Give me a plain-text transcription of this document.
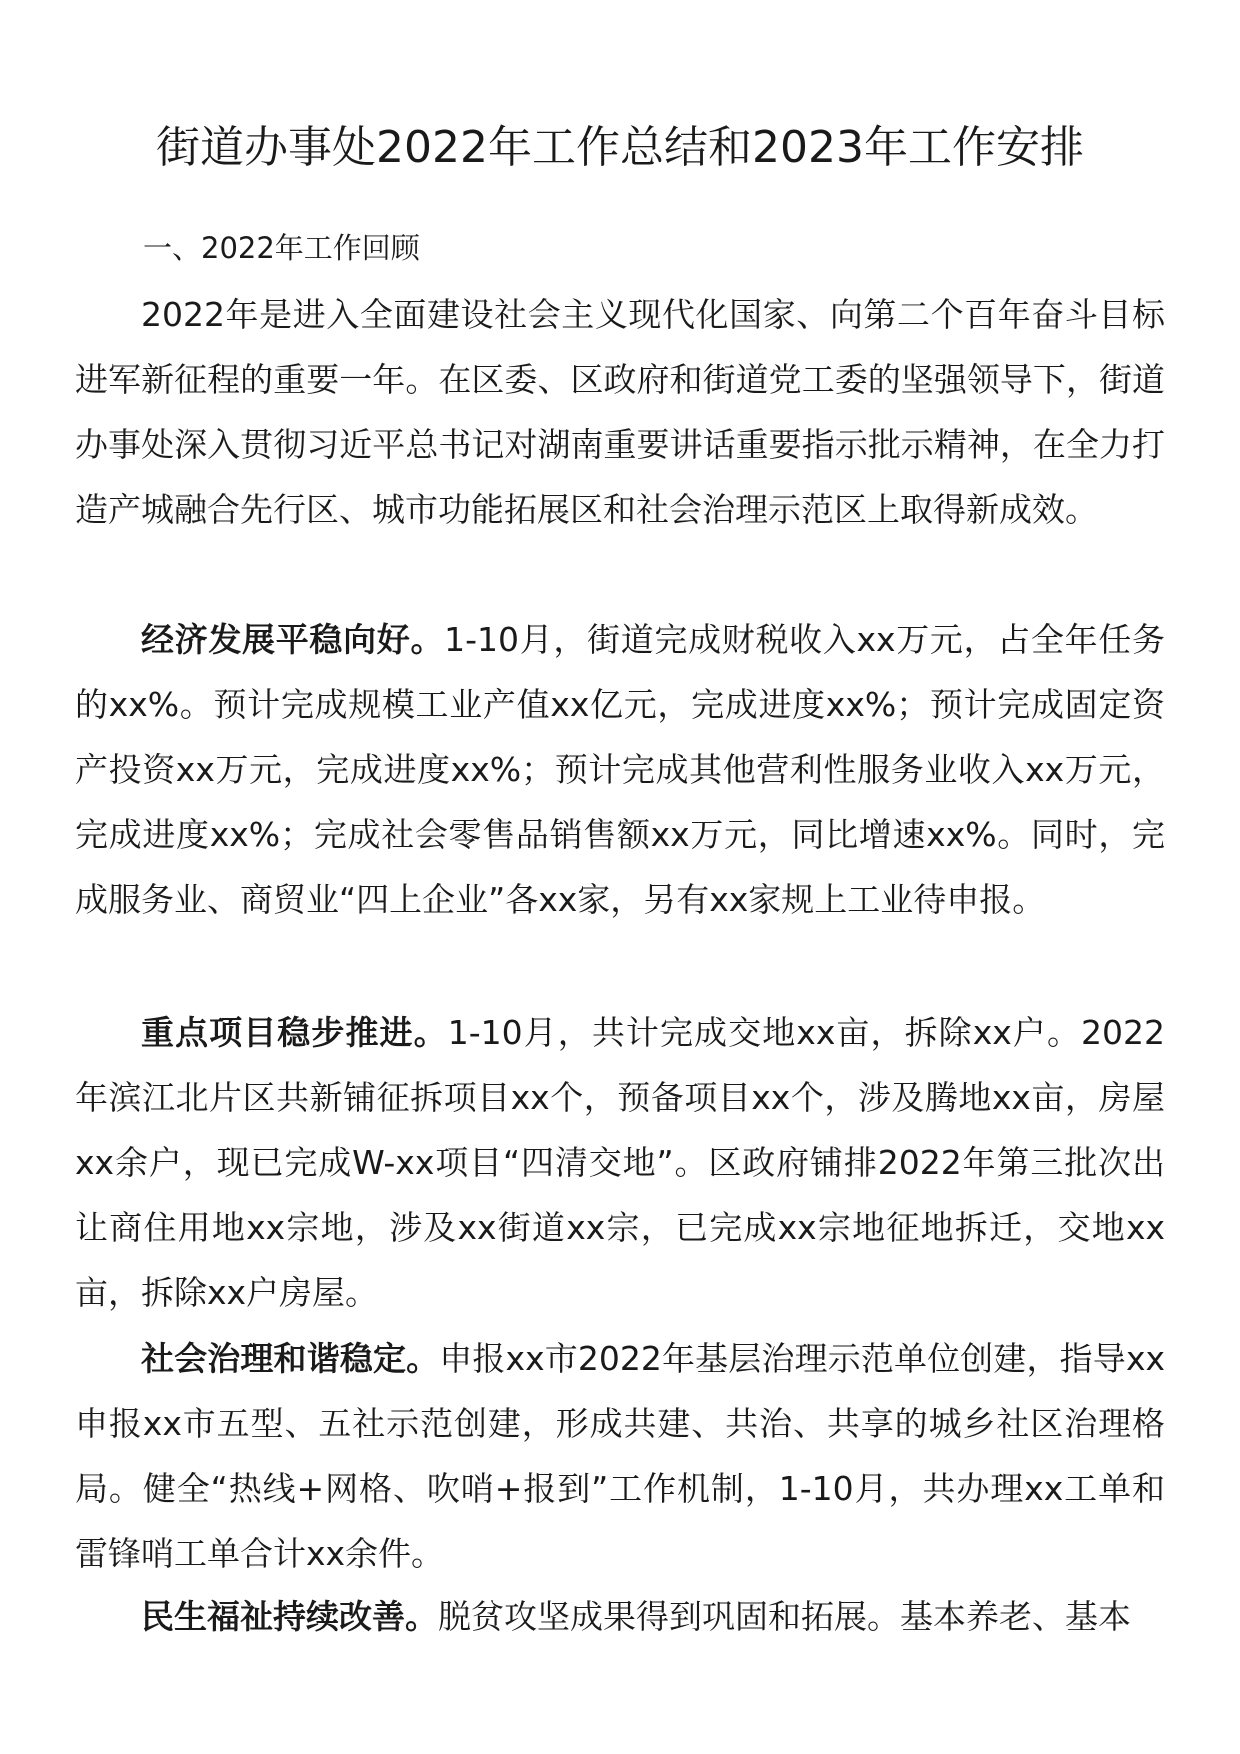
街道办事处2022年工作总结和2023年工作安排

一、2022年工作回顾

2022年是进入全面建设社会主义现代化国家、向第二个百年奋斗目标进军新征程的重要一年。在区委、区政府和街道党工委的坚强领导下，街道办事处深入贯彻习近平总书记对湖南重要讲话重要指示批示精神，在全力打造产城融合先行区、城市功能拓展区和社会治理示范区上取得新成效。

经济发展平稳向好。1-10月，街道完成财税收入xx万元，占全年任务的xx%。预计完成规模工业产值xx亿元，完成进度xx%；预计完成固定资产投资xx万元，完成进度xx%；预计完成其他营利性服务业收入xx万元，完成进度xx%；完成社会零售品销售额xx万元，同比增速xx%。同时，完成服务业、商贸业“四上企业”各xx家，另有xx家规上工业待申报。

重点项目稳步推进。1-10月，共计完成交地xx亩，拆除xx户。2022年滨江北片区共新铺征拆项目xx个，预备项目xx个，涉及腾地xx亩，房屋xx余户，现已完成W-xx项目“四清交地”。区政府铺排2022年第三批次出让商住用地xx宗地，涉及xx街道xx宗，已完成xx宗地征地拆迁，交地xx亩，拆除xx户房屋。

社会治理和谐稳定。申报xx市2022年基层治理示范单位创建，指导xx申报xx市五型、五社示范创建，形成共建、共治、共享的城乡社区治理格局。健全“热线+网格、吹哨+报到”工作机制，1-10月，共办理xx工单和雷锋哨工单合计xx余件。

民生福祉持续改善。脱贫攻坚成果得到巩固和拓展。基本养老、基本
